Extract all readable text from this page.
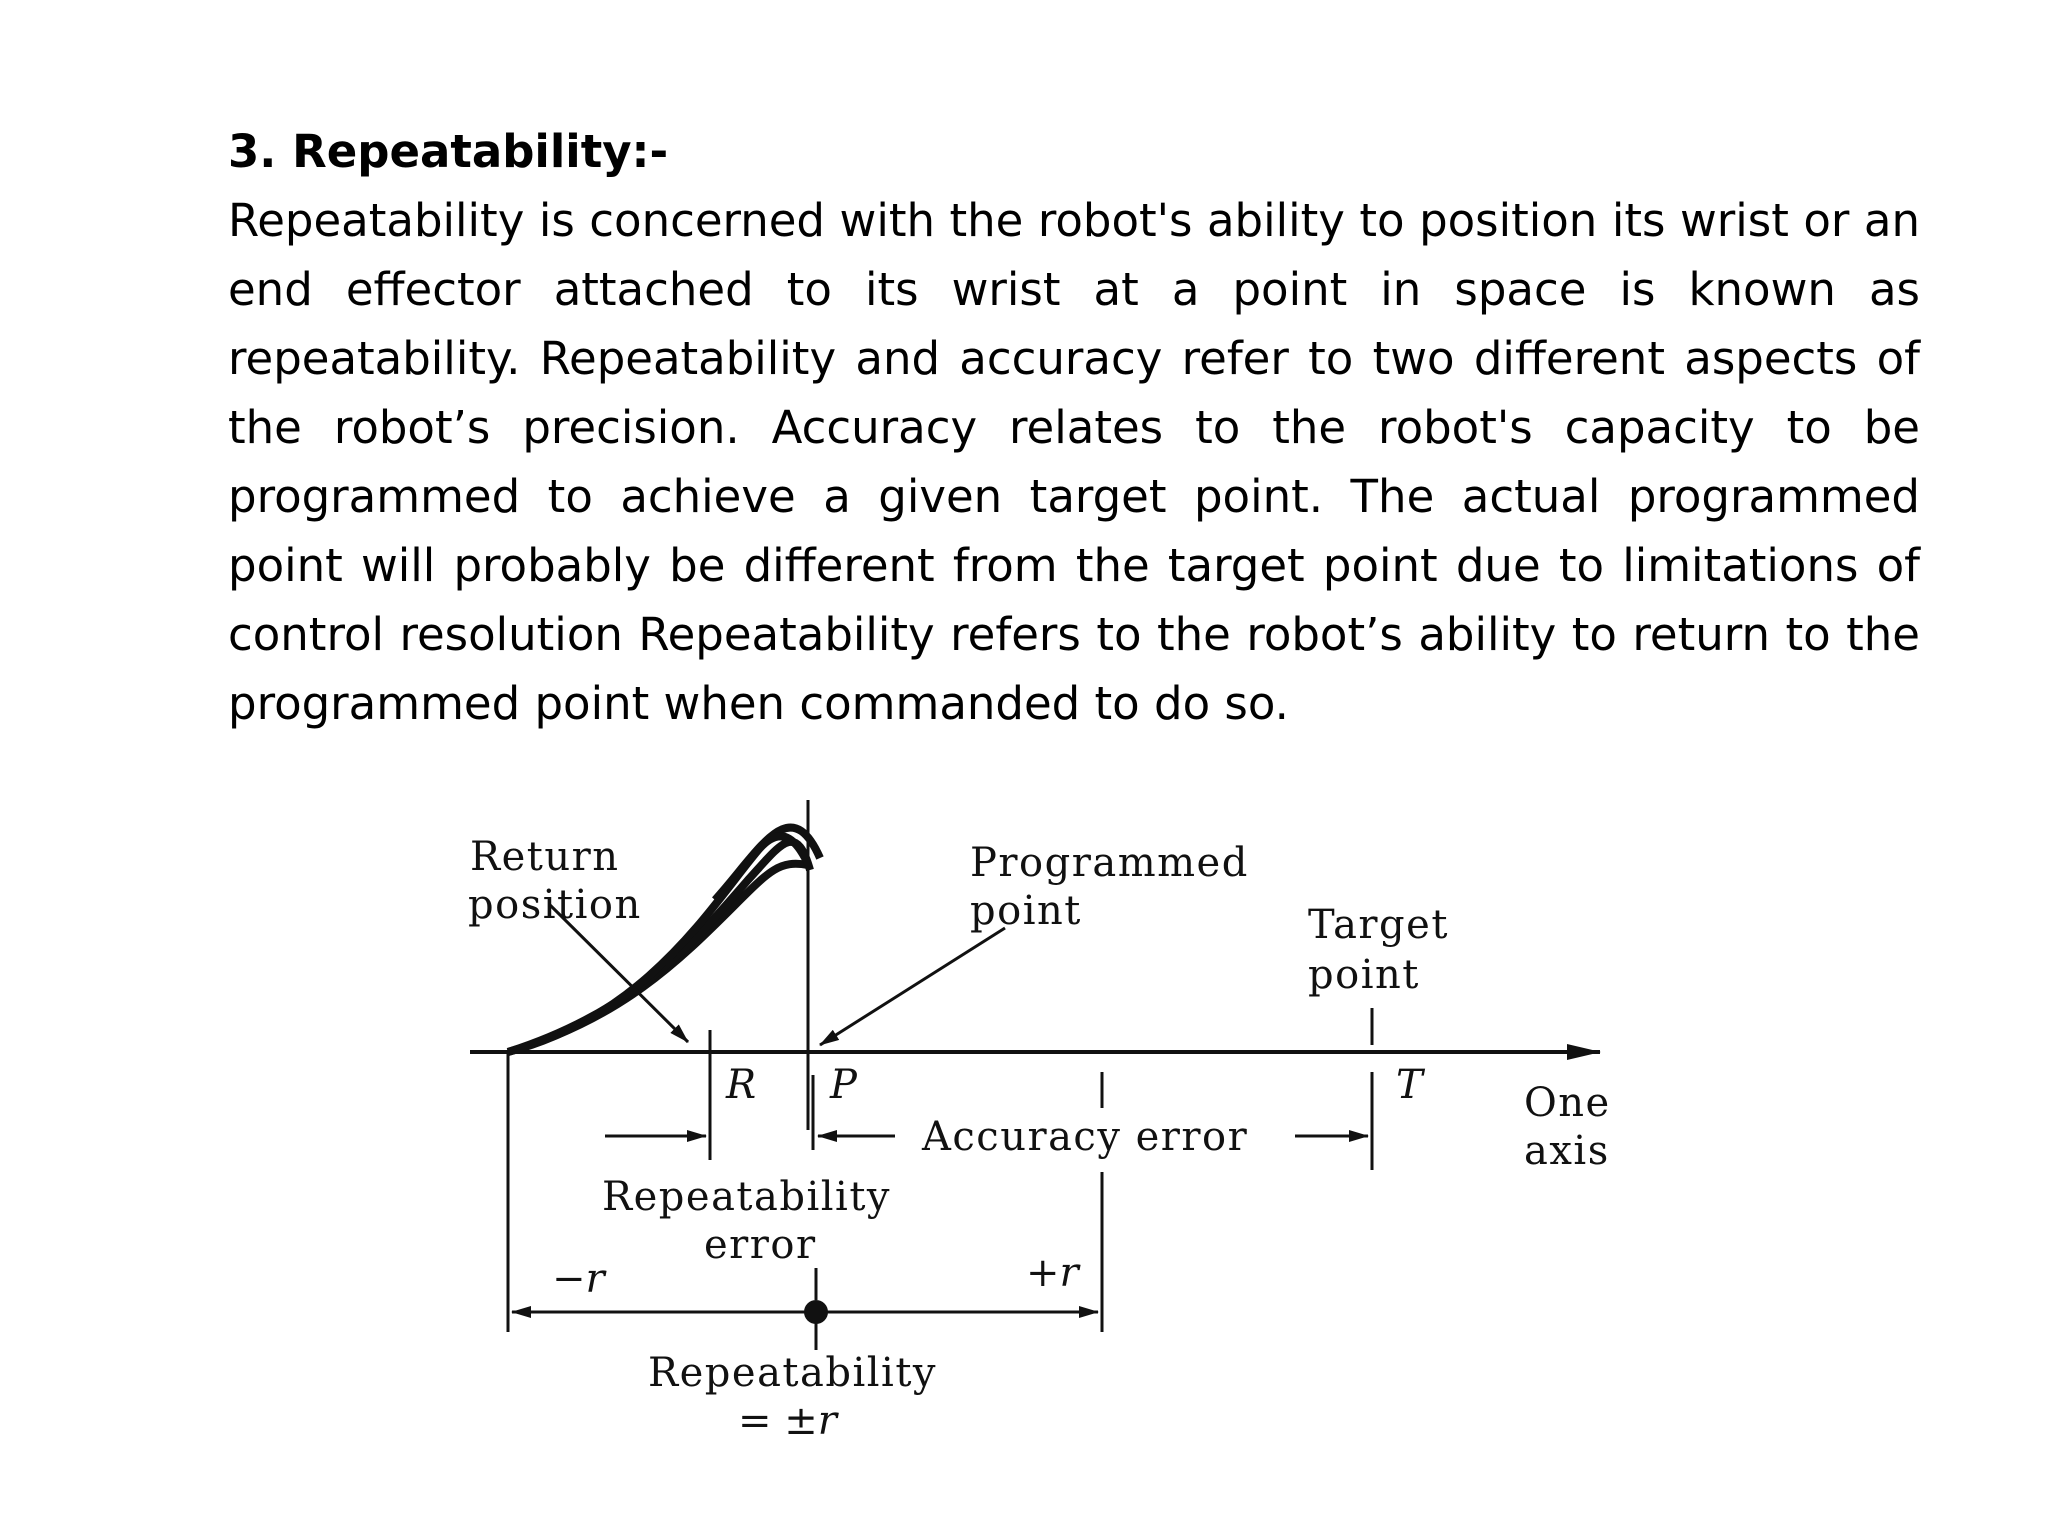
3. Repeatability:-

Repeatability is concerned with the robot's ability to position its wrist or an end effector attached to its wrist at a point in space is known as repeatability. Repeatability and accuracy refer to two different aspects of the robot’s precision. Accuracy relates to the robot's capacity to be programmed to achieve a given target point. The actual programmed point will probably be different from the target point due to limitations of control resolution Repeatability refers to the robot’s ability to return to the programmed point when commanded to do so.

Return
position
Programmed
point	Target
point
One
axis
R P	T
Accuracy error
Repeatability
error
−r	+r
Repeatability
= ±r
